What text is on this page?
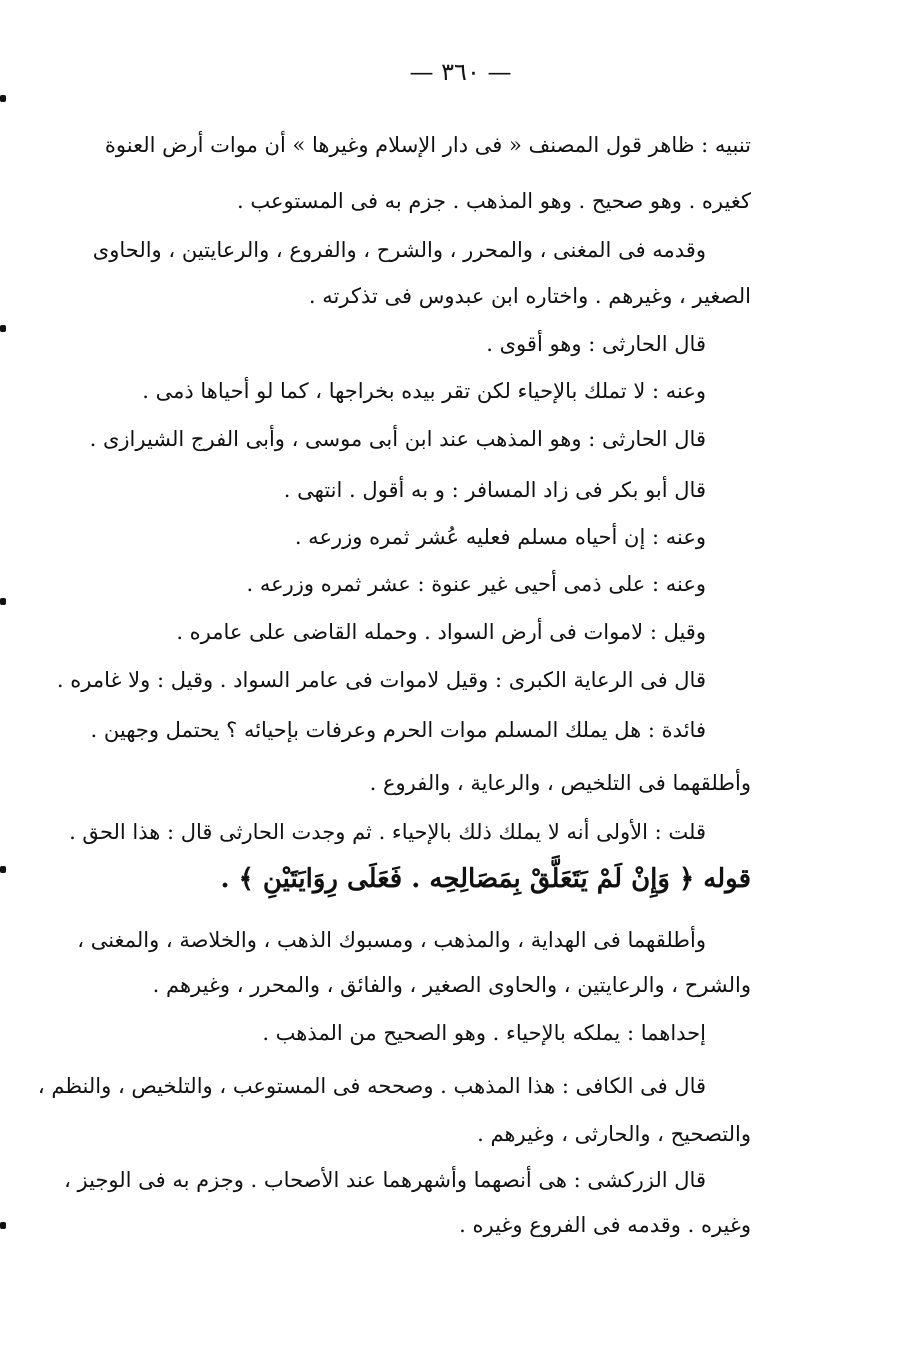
— ٣٦٠ —
تنبيه : ظاهر قول المصنف « فى دار الإسلام وغيرها » أن موات أرض العنوة
كغيره . وهو صحيح . وهو المذهب . جزم به فى المستوعب .
وقدمه فى المغنى ، والمحرر ، والشرح ، والفروع ، والرعايتين ، والحاوى
الصغير ، وغيرهم . واختاره ابن عبدوس فى تذكرته .
قال الحارثى : وهو أقوى .
وعنه : لا تملك بالإحياء لكن تقر بيده بخراجها ، كما لو أحياها ذمى .
قال الحارثى : وهو المذهب عند ابن أبى موسى ، وأبى الفرج الشيرازى .
قال أبو بكر فى زاد المسافر : و به أقول . انتهى .
وعنه : إن أحياه مسلم فعليه عُشر ثمره وزرعه .
وعنه : على ذمى أحيى غير عنوة : عشر ثمره وزرعه .
وقيل : لاموات فى أرض السواد . وحمله القاضى على عامره .
قال فى الرعاية الكبرى : وقيل لاموات فى عامر السواد . وقيل : ولا غامره .
فائدة : هل يملك المسلم موات الحرم وعرفات بإحيائه ؟ يحتمل وجهين .
وأطلقهما فى التلخيص ، والرعاية ، والفروع .
قلت : الأولى أنه لا يملك ذلك بالإحياء . ثم وجدت الحارثى قال : هذا الحق .
قوله ﴿ وَإِنْ لَمْ يَتَعَلَّقْ بِمَصَالِحِه . فَعَلَى رِوَايَتَيْنِ ﴾ .
وأطلقهما فى الهداية ، والمذهب ، ومسبوك الذهب ، والخلاصة ، والمغنى ،
والشرح ، والرعايتين ، والحاوى الصغير ، والفائق ، والمحرر ، وغيرهم .
إحداهما : يملكه بالإحياء . وهو الصحيح من المذهب .
قال فى الكافى : هذا المذهب . وصححه فى المستوعب ، والتلخيص ، والنظم ،
والتصحيح ، والحارثى ، وغيرهم .
قال الزركشى : هى أنصهما وأشهرهما عند الأصحاب . وجزم به فى الوجيز ،
وغيره . وقدمه فى الفروع وغيره .
